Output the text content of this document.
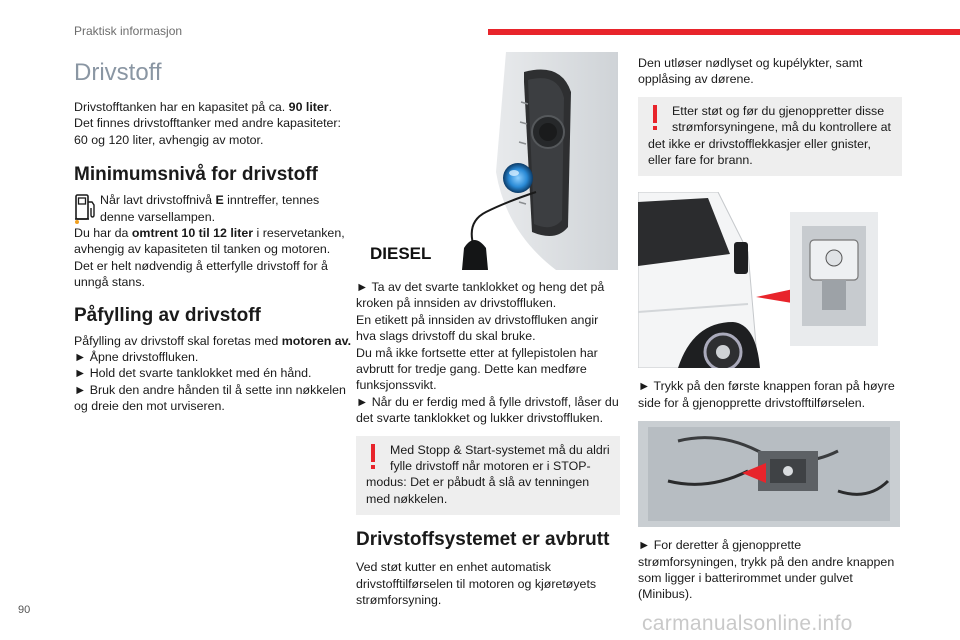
Praktisk informasjon
Drivstoff

Drivstofftanken har en kapasitet på ca. 90 liter.
Det finnes drivstofftanker med andre kapasiteter: 60 og 120 liter, avhengig av motor.

Minimumsnivå for drivstoff

Når lavt drivstoffnivå E inntreffer, tennes denne varsellampen.

Du har da omtrent 10 til 12 liter i reservetanken, avhengig av kapasiteten til tanken og motoren.

Det er helt nødvendig å etterfylle drivstoff for å unngå stans.

Påfylling av drivstoff

Påfylling av drivstoff skal foretas med motoren av.

► Åpne drivstoffluken.

► Hold det svarte tanklokket med én hånd.

► Bruk den andre hånden til å sette inn nøkkelen og dreie den mot urviseren.

DIESEL

► Ta av det svarte tanklokket og heng det på kroken på innsiden av drivstoffluken.

En etikett på innsiden av drivstoffluken angir hva slags drivstoff du skal bruke.

Du må ikke fortsette etter at fyllepistolen har avbrutt for tredje gang. Dette kan medføre funksjonssvikt.

► Når du er ferdig med å fylle drivstoff, låser du det svarte tanklokket og lukker drivstoffluken.

Med Stopp & Start-systemet må du aldri fylle drivstoff når motoren er i STOP-
modus: Det er påbudt å slå av tenningen med nøkkelen.

Drivstoffsystemet er avbrutt

Ved støt kutter en enhet automatisk drivstofftilførselen til motoren og kjøretøyets strømforsyning.

Den utløser nødlyset og kupélykter, samt opplåsing av dørene.

Etter støt og før du gjenoppretter disse strømforsyningene, må du kontrollere at
det ikke er drivstofflekkasjer eller gnister, eller fare for brann.

► Trykk på den første knappen foran på høyre side for å gjenopprette drivstofftilførselen.

► For deretter å gjenopprette strømforsyningen, trykk på den andre knappen som ligger i batterirommet under gulvet (Minibus).

90
carmanualsonline.info
